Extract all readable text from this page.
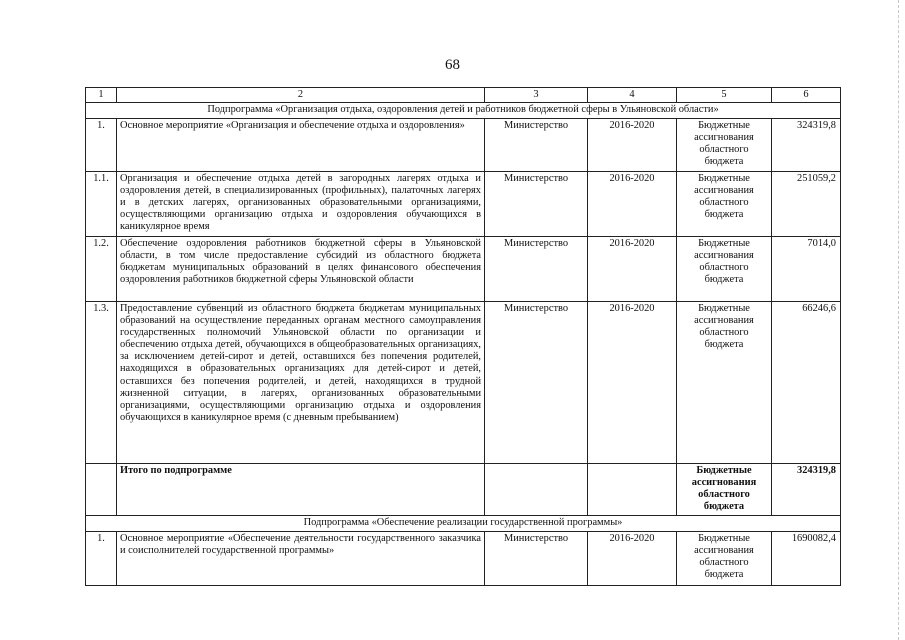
68
1	2	3	4	5	6
Подпрограмма «Организация отдыха, оздоровления детей и работников бюджетной сферы в Ульяновской области»					
1.	Основное мероприятие «Организация и обеспечение отдыха и оздоровления»	Министерство	2016-2020	Бюджетные ассигнования областного бюджета	324319,8
1.1.	Организация и обеспечение отдыха детей в загородных лагерях отдыха и оздоровления детей, в специализированных (профильных), палаточных лагерях и в детских лагерях, организованных образовательными организациями, осуществляющими организацию отдыха и оздоровления обучающихся в каникулярное время	Министерство	2016-2020	Бюджетные ассигнования областного бюджета	251059,2
1.2.	Обеспечение оздоровления работников бюджетной сферы в Ульяновской области, в том числе предоставление субсидий из областного бюджета бюджетам муниципальных образований в целях финансового обеспечения оздоровления работников бюджетной сферы Ульяновской области	Министерство	2016-2020	Бюджетные ассигнования областного бюджета	7014,0
1.3.	Предоставление субвенций из областного бюджета бюджетам муниципальных образований на осуществление переданных органам местного самоуправления государственных полномочий Ульяновской области по организации и обеспечению отдыха детей, обучающихся в общеобразовательных организациях, за исключением детей-сирот и детей, оставшихся без попечения родителей, находящихся в образовательных организациях для детей-сирот и детей, оставшихся без попечения родителей, и детей, находящихся в трудной жизненной ситуации, в лагерях, организованных образовательными организациями, осуществляющими организацию отдыха и оздоровления обучающихся в каникулярное время (с дневным пребыванием)	Министерство	2016-2020	Бюджетные ассигнования областного бюджета	66246,6
	Итого по подпрограмме			Бюджетные ассигнования областного бюджета	324319,8
Подпрограмма «Обеспечение реализации государственной программы»					
1.	Основное мероприятие «Обеспечение деятельности государственного заказчика и соисполнителей государственной программы»	Министерство	2016-2020	Бюджетные ассигнования областного бюджета	1690082,4
